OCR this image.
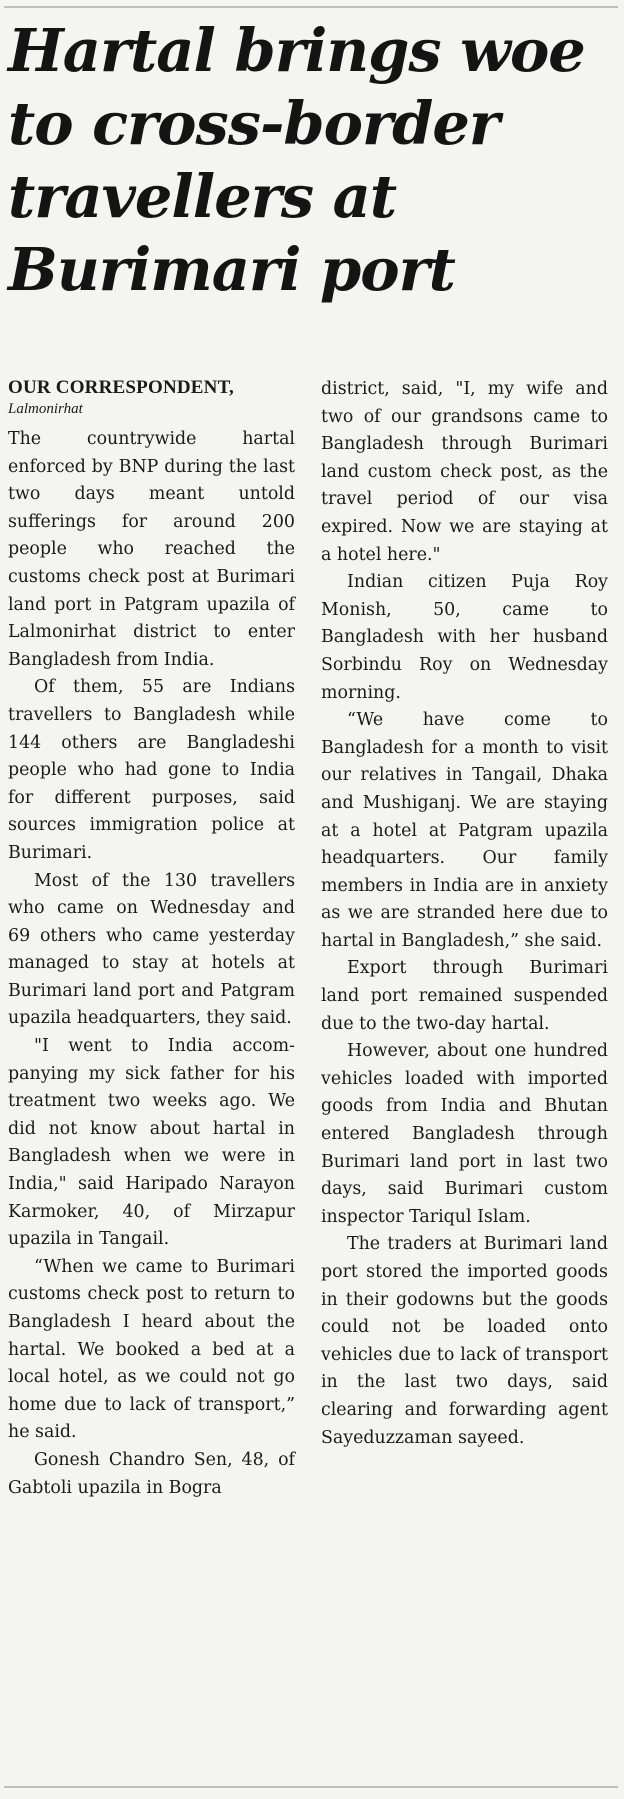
Hartal brings woe to cross-border travellers at Burimari port
OUR CORRESPONDENT,
Lalmonirhat

The countrywide hartal enforced by BNP during the last two days meant untold sufferings for around 200 people who reached the customs check post at Burimari land port in Patgram upazila of Lalmonirhat district to enter Bangladesh from India.

Of them, 55 are Indians travellers to Bangladesh while 144 others are Bangladeshi people who had gone to India for different purposes, said sources immigration police at Burimari.

Most of the 130 travellers who came on Wednesday and 69 others who came yesterday managed to stay at hotels at Burimari land port and Patgram upazila headquarters, they said.

"I went to India accompanying my sick father for his treatment two weeks ago. We did not know about hartal in Bangladesh when we were in India," said Haripado Narayon Karmoker, 40, of Mirzapur upazila in Tangail.

“When we came to Burimari customs check post to return to Bangladesh I heard about the hartal. We booked a bed at a local hotel, as we could not go home due to lack of transport,” he said.

Gonesh Chandro Sen, 48, of Gabtoli upazila in Bogra

district, said, "I, my wife and two of our grandsons came to Bangladesh through Burimari land custom check post, as the travel period of our visa expired. Now we are staying at a hotel here."

Indian citizen Puja Roy Monish, 50, came to Bangladesh with her husband Sorbindu Roy on Wednesday morning.

“We have come to Bangladesh for a month to visit our relatives in Tangail, Dhaka and Mushiganj. We are staying at a hotel at Patgram upazila headquarters. Our family members in India are in anxiety as we are stranded here due to hartal in Bangladesh,” she said.

Export through Burimari land port remained suspended due to the two-day hartal.

However, about one hundred vehicles loaded with imported goods from India and Bhutan entered Bangladesh through Burimari land port in last two days, said Burimari custom inspector Tariqul Islam.

The traders at Burimari land port stored the imported goods in their godowns but the goods could not be loaded onto vehicles due to lack of transport in the last two days, said clearing and forwarding agent Sayeduzzaman sayeed.
